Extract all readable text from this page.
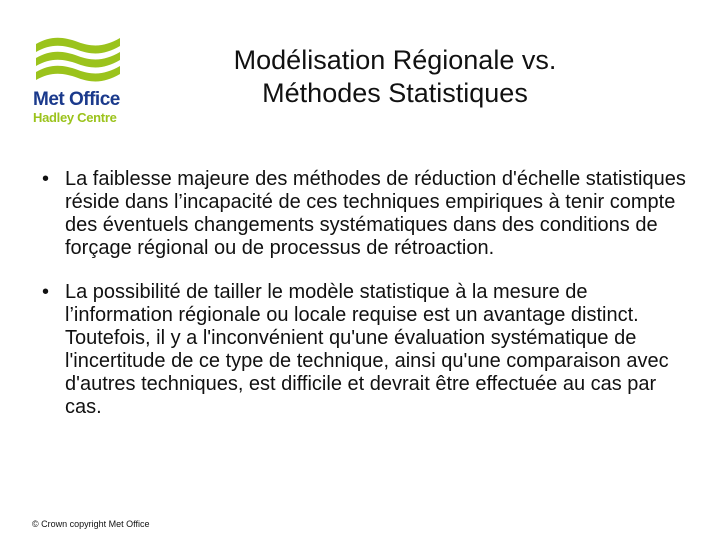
Met Office
Hadley Centre
Modélisation Régionale vs.
Méthodes Statistiques
• La faiblesse majeure des méthodes de réduction d'échelle statistiques réside dans l’incapacité de ces techniques empiriques à tenir compte des éventuels changements systématiques dans des conditions de forçage régional ou de processus de rétroaction.
• La possibilité de tailler le modèle statistique à la mesure de l’information régionale ou locale requise est un avantage distinct. Toutefois, il y a l'inconvénient qu'une évaluation systématique de l'incertitude de ce type de technique, ainsi qu'une comparaison avec d'autres techniques, est difficile et devrait être effectuée au cas par cas.
© Crown copyright Met Office
